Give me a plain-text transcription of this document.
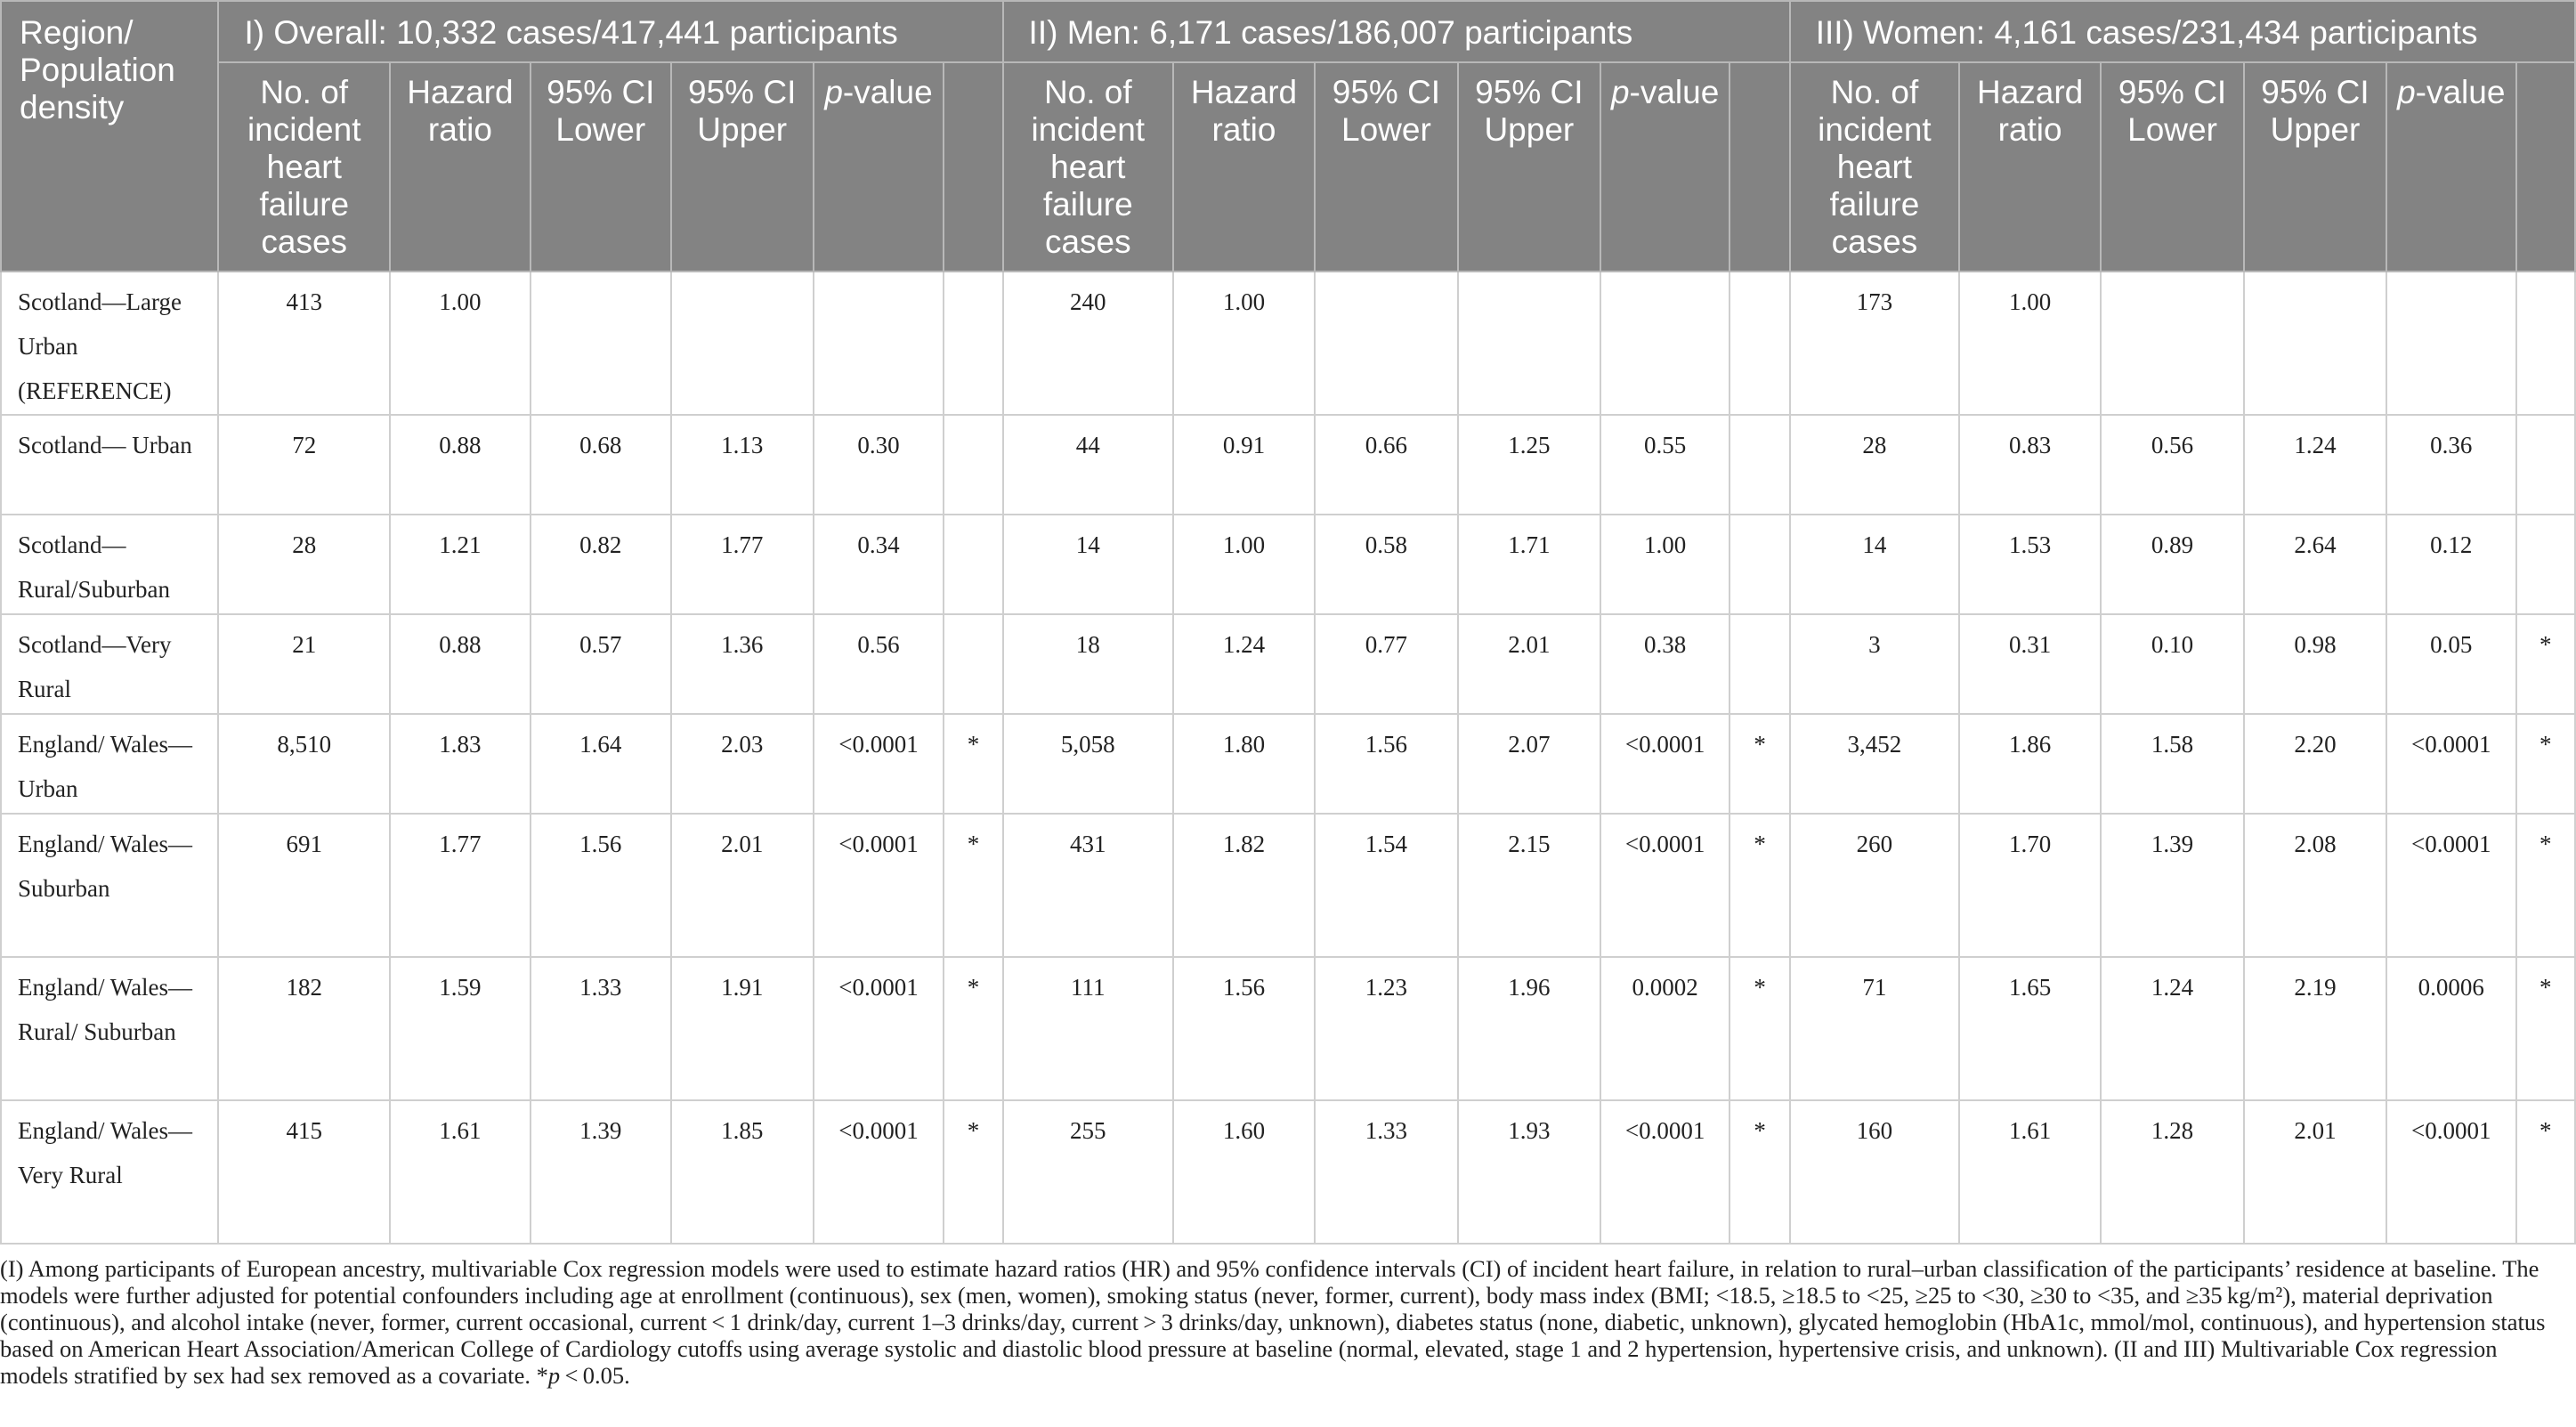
Region/
Population density	I) Overall: 10,332 cases/417,441 participants						II) Men: 6,171 cases/186,007 participants						III) Women: 4,161 cases/231,434 participants					
	No. of incident heart failure cases	Hazard ratio	95% CI Lower	95% CI Upper	p-value		No. of incident heart failure cases	Hazard ratio	95% CI Lower	95% CI Upper	p-value		No. of incident heart failure cases	Hazard ratio	95% CI Lower	95% CI Upper	p-value	
Scotland—Large Urban (REFERENCE)	413	1.00					240	1.00					173	1.00				
Scotland— Urban	72	0.88	0.68	1.13	0.30		44	0.91	0.66	1.25	0.55		28	0.83	0.56	1.24	0.36	
Scotland— Rural/Suburban	28	1.21	0.82	1.77	0.34		14	1.00	0.58	1.71	1.00		14	1.53	0.89	2.64	0.12	
Scotland—Very Rural	21	0.88	0.57	1.36	0.56		18	1.24	0.77	2.01	0.38		3	0.31	0.10	0.98	0.05	*
England/ Wales—Urban	8,510	1.83	1.64	2.03	<0.0001	*	5,058	1.80	1.56	2.07	<0.0001	*	3,452	1.86	1.58	2.20	<0.0001	*
England/ Wales— Suburban	691	1.77	1.56	2.01	<0.0001	*	431	1.82	1.54	2.15	<0.0001	*	260	1.70	1.39	2.08	<0.0001	*
England/ Wales—Rural/ Suburban	182	1.59	1.33	1.91	<0.0001	*	111	1.56	1.23	1.96	0.0002	*	71	1.65	1.24	2.19	0.0006	*
England/ Wales—Very Rural	415	1.61	1.39	1.85	<0.0001	*	255	1.60	1.33	1.93	<0.0001	*	160	1.61	1.28	2.01	<0.0001	*

(I) Among participants of European ancestry, multivariable Cox regression models were used to estimate hazard ratios (HR) and 95% confidence intervals (CI) of incident heart failure, in relation to rural–urban classification of the participants’ residence at baseline. The models were further adjusted for potential confounders including age at enrollment (continuous), sex (men, women), smoking status (never, former, current), body mass index (BMI; <18.5, ≥18.5 to <25, ≥25 to <30, ≥30 to <35, and ≥35 kg/m²), material deprivation (continuous), and alcohol intake (never, former, current occasional, current < 1 drink/day, current 1–3 drinks/day, current > 3 drinks/day, unknown), diabetes status (none, diabetic, unknown), glycated hemoglobin (HbA1c, mmol/mol, continuous), and hypertension status based on American Heart Association/American College of Cardiology cutoffs using average systolic and diastolic blood pressure at baseline (normal, elevated, stage 1 and 2 hypertension, hypertensive crisis, and unknown). (II and III) Multivariable Cox regression models stratified by sex had sex removed as a covariate. *p < 0.05.
